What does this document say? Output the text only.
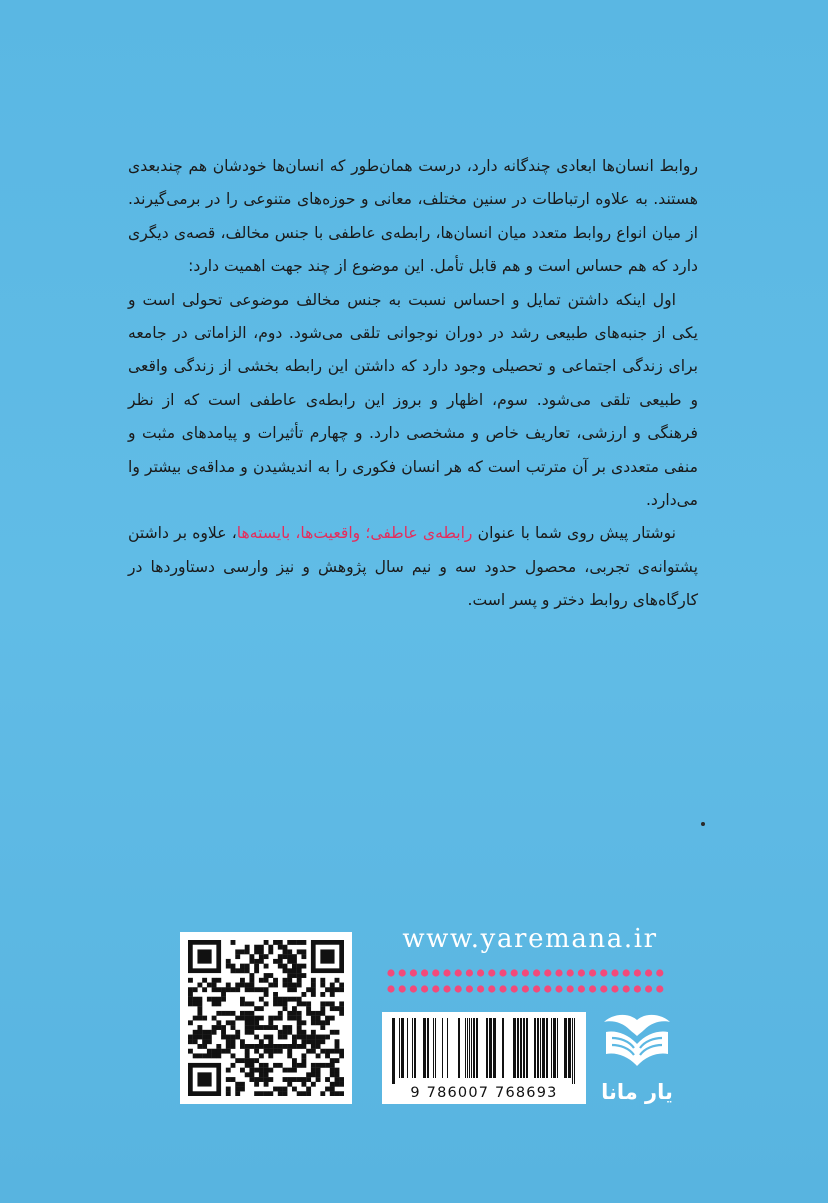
روابط انسان‌ها ابعادی چندگانه دارد، درست همان‌طور که انسان‌ها خودشان هم چندبعدی هستند. به علاوه ارتباطات در سنین مختلف، معانی و حوزه‌های متنوعی را در برمی‌گیرند. از میان انواع روابط متعدد میان انسان‌ها، رابطه‌ی عاطفی با جنس مخالف، قصه‌ی دیگری دارد که هم حساس است و هم قابل تأمل. این موضوع از چند جهت اهمیت دارد:

اول اینکه داشتن تمایل و احساس نسبت به جنس مخالف موضوعی تحولی است و یکی از جنبه‌های طبیعی رشد در دوران نوجوانی تلقی می‌شود. دوم، الزاماتی در جامعه برای زندگی اجتماعی و تحصیلی وجود دارد که داشتن این رابطه بخشی از زندگی واقعی و طبیعی تلقی می‌شود. سوم، اظهار و بروز این رابطه‌ی عاطفی است که از نظر فرهنگی و ارزشی، تعاریف خاص و مشخصی دارد. و چهارم تأثیرات و پیامدهای مثبت و منفی متعددی بر آن مترتب است که هر انسان فکوری را به اندیشیدن و مداقه‌ی بیشتر وا می‌دارد.

نوشتار پیش روی شما با عنوان رابطه‌ی عاطفی؛ واقعیت‌ها، بایسته‌ها، علاوه بر داشتن پشتوانه‌ی تجربی، محصول حدود سه و نیم سال پژوهش و نیز وارسی دستاوردها در کارگاه‌های روابط دختر و پسر است.

www.yaremana.ir
9 786007 768693	یار مانا
